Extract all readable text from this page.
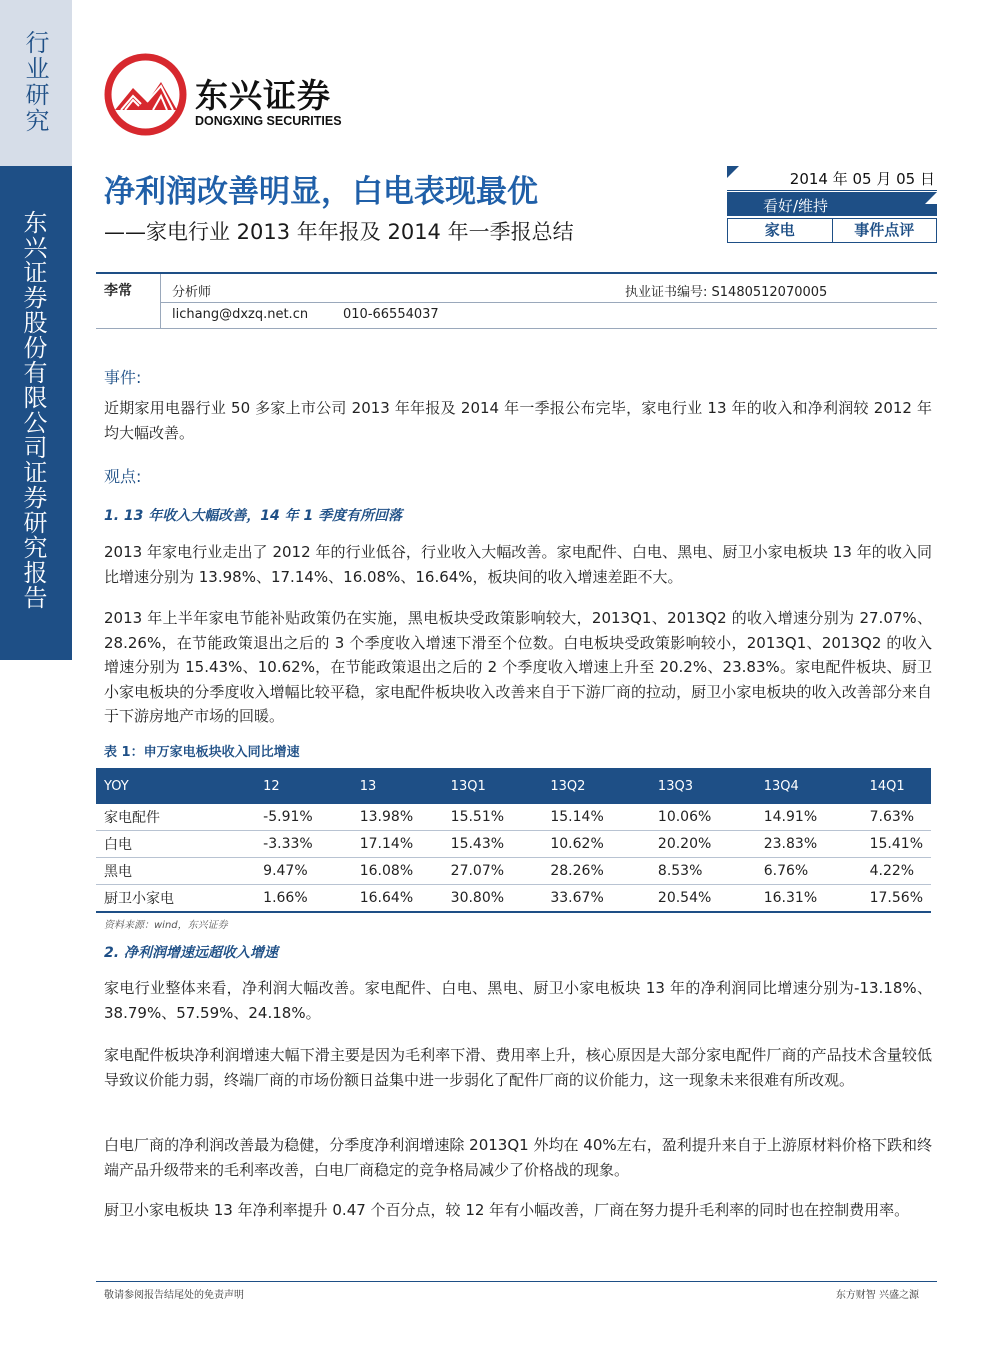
行业研究
东兴证券股份有限公司证券研究报告
东兴证券
DONGXING SECURITIES
净利润改善明显，白电表现最优
——家电行业 2013 年年报及 2014 年一季报总结
2014 年 05 月 05 日
看好/维持
家电	事件点评
李常	分析师	执业证书编号: S1480512070005
lichang@dxzq.net.cn	010-66554037
事件:
近期家用电器行业 50 多家上市公司 2013 年年报及 2014 年一季报公布完毕，家电行业 13 年的收入和净利润较 2012 年均大幅改善。
观点:
1. 13 年收入大幅改善，14 年 1 季度有所回落
2013 年家电行业走出了 2012 年的行业低谷，行业收入大幅改善。家电配件、白电、黑电、厨卫小家电板块 13 年的收入同比增速分别为 13.98%、17.14%、16.08%、16.64%，板块间的收入增速差距不大。
2013 年上半年家电节能补贴政策仍在实施，黑电板块受政策影响较大，2013Q1、2013Q2 的收入增速分别为 27.07%、28.26%，在节能政策退出之后的 3 个季度收入增速下滑至个位数。白电板块受政策影响较小，2013Q1、2013Q2 的收入增速分别为 15.43%、10.62%，在节能政策退出之后的 2 个季度收入增速上升至 20.2%、23.83%。家电配件板块、厨卫小家电板块的分季度收入增幅比较平稳，家电配件板块收入改善来自于下游厂商的拉动，厨卫小家电板块的收入改善部分来自于下游房地产市场的回暖。
表 1：申万家电板块收入同比增速
YOY	12	13	13Q1	13Q2	13Q3	13Q4	14Q1
家电配件	-5.91%	13.98%	15.51%	15.14%	10.06%	14.91%	7.63%
白电	-3.33%	17.14%	15.43%	10.62%	20.20%	23.83%	15.41%
黑电	9.47%	16.08%	27.07%	28.26%	8.53%	6.76%	4.22%
厨卫小家电	1.66%	16.64%	30.80%	33.67%	20.54%	16.31%	17.56%
资料来源：wind，东兴证券
2. 净利润增速远超收入增速
家电行业整体来看，净利润大幅改善。家电配件、白电、黑电、厨卫小家电板块 13 年的净利润同比增速分别为-13.18%、38.79%、57.59%、24.18%。
家电配件板块净利润增速大幅下滑主要是因为毛利率下滑、费用率上升，核心原因是大部分家电配件厂商的产品技术含量较低导致议价能力弱，终端厂商的市场份额日益集中进一步弱化了配件厂商的议价能力，这一现象未来很难有所改观。
白电厂商的净利润改善最为稳健，分季度净利润增速除 2013Q1 外均在 40%左右，盈利提升来自于上游原材料价格下跌和终端产品升级带来的毛利率改善，白电厂商稳定的竞争格局减少了价格战的现象。
厨卫小家电板块 13 年净利率提升 0.47 个百分点，较 12 年有小幅改善，厂商在努力提升毛利率的同时也在控制费用率。
敬请参阅报告结尾处的免责声明	东方财智 兴盛之源
